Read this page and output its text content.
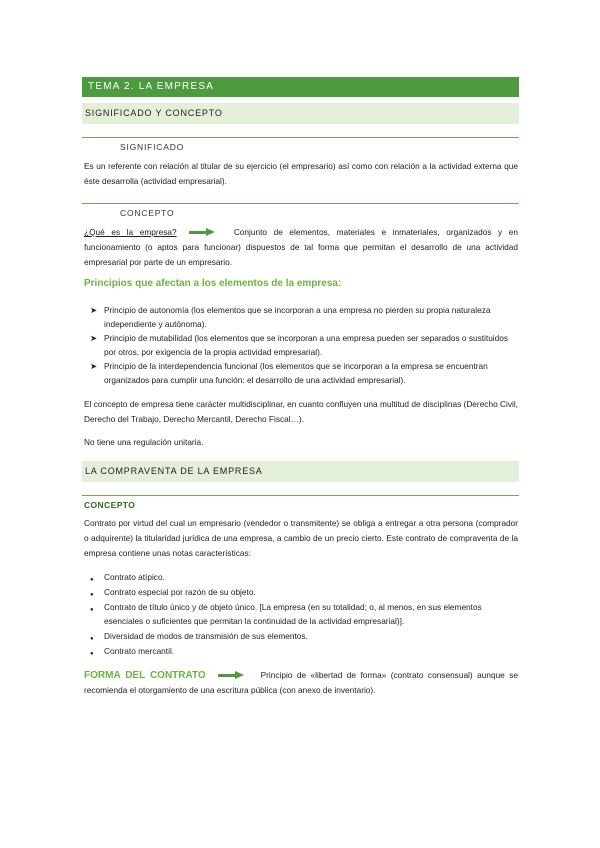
TEMA 2. LA EMPRESA
SIGNIFICADO Y CONCEPTO
SIGNIFICADO
Es un referente con relación al titular de su ejercicio (el empresario) así como con relación a la actividad externa que éste desarrolla (actividad empresarial).
CONCEPTO
¿Qué es la empresa?	Conjunto de elementos, materiales e inmateriales, organizados y en funcionamiento (o aptos para funcionar) dispuestos de tal forma que permitan el desarrollo de una actividad empresarial por parte de un empresario.
Principios que afectan a los elementos de la empresa:
➤ Principio de autonomía (los elementos que se incorporan a una empresa no pierden su propia naturaleza independiente y autónoma).
➤ Principio de mutabilidad (los elementos que se incorporan a una empresa pueden ser separados o sustituidos por otros, por exigencia de la propia actividad empresarial).
➤ Principio de la interdependencia funcional (los elementos que se incorporan a la empresa se encuentran organizados para cumplir una función: el desarrollo de una actividad empresarial).
El concepto de empresa tiene carácter multidisciplinar, en cuanto confluyen una multitud de disciplinas (Derecho Civil, Derecho del Trabajo, Derecho Mercantil, Derecho Fiscal…).
No tiene una regulación unitaria.
LA COMPRAVENTA DE LA EMPRESA
CONCEPTO
Contrato por virtud del cual un empresario (vendedor o transmitente) se obliga a entregar a otra persona (comprador o adquirente) la titularidad jurídica de una empresa, a cambio de un precio cierto. Este contrato de compraventa de la empresa contiene unas notas características:
● Contrato atípico.
● Contrato especial por razón de su objeto.
● Contrato de título único y de objeto único. [La empresa (en su totalidad; o, al menos, en sus elementos esenciales o suficientes que permitan la continuidad de la actividad empresarial)].
● Diversidad de modos de transmisión de sus elementos.
● Contrato mercantil.
FORMA DEL CONTRATO	Principio de «libertad de forma» (contrato consensual) aunque se recomienda el otorgamiento de una escritura pública (con anexo de inventario).
